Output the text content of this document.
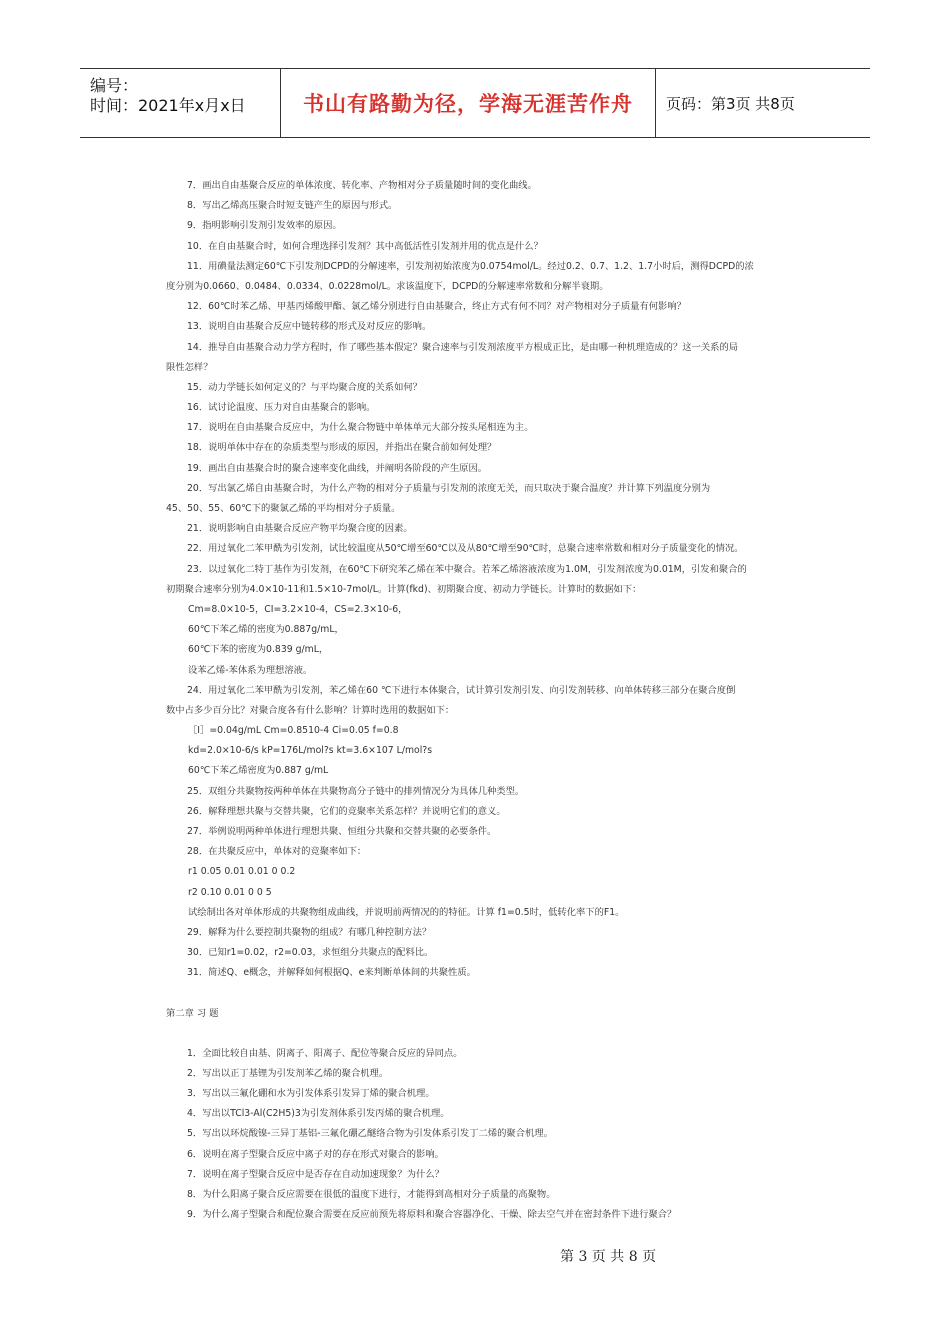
编号：
时间：2021年x月x日	书山有路勤为径，学海无涯苦作舟 页码：第3页 共8页
7．画出自由基聚合反应的单体浓度、转化率、产物相对分子质量随时间的变化曲线。
8．写出乙烯高压聚合时短支链产生的原因与形式。
9．指明影响引发剂引发效率的原因。
10．在自由基聚合时，如何合理选择引发剂？其中高低活性引发剂并用的优点是什么？
11．用碘量法测定60℃下引发剂DCPD的分解速率，引发剂初始浓度为0.0754mol/L。经过0.2、0.7、1.2、1.7小时后，测得DCPD的浓
度分别为0.0660、0.0484、0.0334、0.0228mol/L。求该温度下，DCPD的分解速率常数和分解半衰期。
12．60℃时苯乙烯、甲基丙烯酸甲酯、氯乙烯分别进行自由基聚合，终止方式有何不同？对产物相对分子质量有何影响？
13．说明自由基聚合反应中链转移的形式及对反应的影响。
14．推导自由基聚合动力学方程时，作了哪些基本假定？聚合速率与引发剂浓度平方根成正比，是由哪一种机理造成的？这一关系的局
限性怎样？
15．动力学链长如何定义的？与平均聚合度的关系如何？
16．试讨论温度、压力对自由基聚合的影响。
17．说明在自由基聚合反应中，为什么聚合物链中单体单元大部分按头尾相连为主。
18．说明单体中存在的杂质类型与形成的原因，并指出在聚合前如何处理？
19．画出自由基聚合时的聚合速率变化曲线，并阐明各阶段的产生原因。
20．写出氯乙烯自由基聚合时，为什么产物的相对分子质量与引发剂的浓度无关，而只取决于聚合温度？并计算下列温度分别为
45、50、55、60℃下的聚氯乙烯的平均相对分子质量。
21．说明影响自由基聚合反应产物平均聚合度的因素。
22．用过氧化二苯甲酰为引发剂，试比较温度从50℃增至60℃以及从80℃增至90℃时，总聚合速率常数和相对分子质量变化的情况。
23．以过氧化二特丁基作为引发剂，在60℃下研究苯乙烯在苯中聚合。若苯乙烯溶液浓度为1.0M，引发剂浓度为0.01M，引发和聚合的
初期聚合速率分别为4.0×10-11和1.5×10-7mol/L。计算(fkd)、初期聚合度、初动力学链长。计算时的数据如下：
Cm=8.0×10-5，CI=3.2×10-4，CS=2.3×10-6，
60℃下苯乙烯的密度为0.887g/mL，
60℃下苯的密度为0.839 g/mL，
设苯乙烯-苯体系为理想溶液。
24．用过氧化二苯甲酰为引发剂，苯乙烯在60 ℃下进行本体聚合，试计算引发剂引发、向引发剂转移、向单体转移三部分在聚合度倒
数中占多少百分比？对聚合度各有什么影响？计算时选用的数据如下：
［I］=0.04g/mL Cm=0.8510-4 Ci=0.05 f=0.8
kd=2.0×10-6/s kP=176L/mol?s kt=3.6×107 L/mol?s
60℃下苯乙烯密度为0.887 g/mL
25．双组分共聚物按两种单体在共聚物高分子链中的排列情况分为具体几种类型。
26．解释理想共聚与交替共聚，它们的竞聚率关系怎样？并说明它们的意义。
27．举例说明两种单体进行理想共聚、恒组分共聚和交替共聚的必要条件。
28．在共聚反应中，单体对的竞聚率如下：
r1 0.05 0.01 0.01 0 0.2
r2 0.10 0.01 0 0 5
试绘制出各对单体形成的共聚物组成曲线，并说明前两情况的的特征。计算 f1=0.5时，低转化率下的F1。
29．解释为什么要控制共聚物的组成？有哪几种控制方法？
30．已知r1=0.02，r2=0.03，求恒组分共聚点的配料比。
31．简述Q、e概念，并解释如何根据Q、e来判断单体间的共聚性质。
第二章 习 题
1．全面比较自由基、阴离子、阳离子、配位等聚合反应的异同点。
2．写出以正丁基锂为引发剂苯乙烯的聚合机理。
3．写出以三氟化硼和水为引发体系引发异丁烯的聚合机理。
4．写出以TCl3-Al(C2H5)3为引发剂体系引发丙烯的聚合机理。
5．写出以环烷酸镍-三异丁基铝-三氟化硼乙醚络合物为引发体系引发丁二烯的聚合机理。
6．说明在离子型聚合反应中离子对的存在形式对聚合的影响。
7．说明在离子型聚合反应中是否存在自动加速现象？为什么？
8．为什么阳离子聚合反应需要在很低的温度下进行，才能得到高相对分子质量的高聚物。
9．为什么离子型聚合和配位聚合需要在反应前预先将原料和聚合容器净化、干燥、除去空气并在密封条件下进行聚合？
第 3 页 共 8 页
